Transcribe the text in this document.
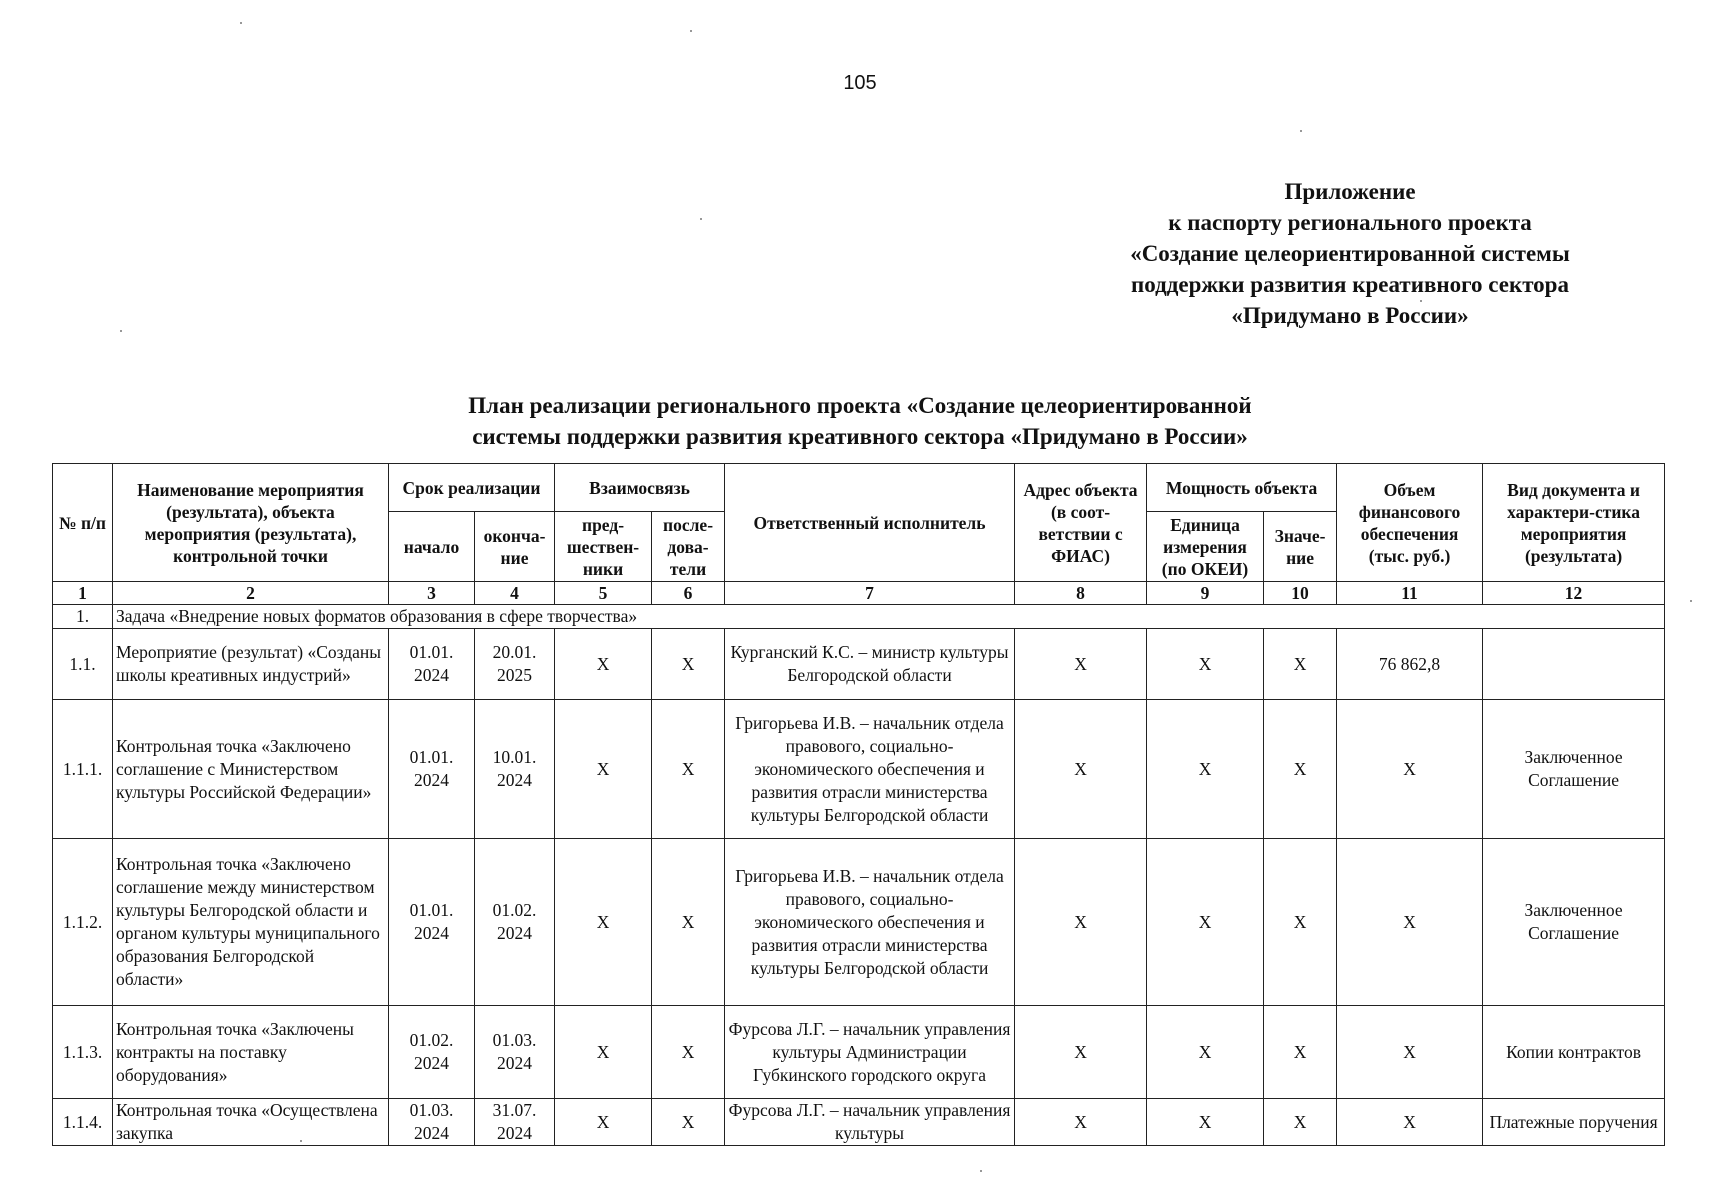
105
Приложение
к паспорту регионального проекта
«Создание целеориентированной системы
поддержки развития креативного сектора
«Придумано в России»
План реализации регионального проекта «Создание целеориентированной
системы поддержки развития креативного сектора «Придумано в России»
№ п/п	Наименование мероприятия (результата), объекта мероприятия (результата), контрольной точки	Срок реализации		Взаимосвязь		Ответственный исполнитель	Адрес объекта (в соот-ветствии с ФИАС)	Мощность объекта		Объем финансового обеспечения (тыс. руб.)	Вид документа и характери-стика мероприятия (результата)
		начало	оконча-ние	пред-шествен-ники	после-дова-тели			Единица измерения (по ОКЕИ)	Значе-ние		
1	2	3	4	5	6	7	8	9	10	11	12
1.	Задача «Внедрение новых форматов образования в сфере творчества»										
1.1.	Мероприятие (результат) «Созданы школы креативных индустрий»	01.01. 2024	20.01. 2025	X	X	Курганский К.С. – министр культуры Белгородской области	X	X	X	76 862,8	
1.1.1.	Контрольная точка «Заключено соглашение с Министерством культуры Российской Федерации»	01.01. 2024	10.01. 2024	X	X	Григорьева И.В. – начальник отдела правового, социально-экономического обеспечения и развития отрасли министерства культуры Белгородской области	X	X	X	X	Заключенное Соглашение
1.1.2.	Контрольная точка «Заключено соглашение между министерством культуры Белгородской области и органом культуры муниципального образования Белгородской области»	01.01. 2024	01.02. 2024	X	X	Григорьева И.В. – начальник отдела правового, социально-экономического обеспечения и развития отрасли министерства культуры Белгородской области	X	X	X	X	Заключенное Соглашение
1.1.3.	Контрольная точка «Заключены контракты на поставку оборудования»	01.02. 2024	01.03. 2024	X	X	Фурсова Л.Г. – начальник управления культуры Администрации Губкинского городского округа	X	X	X	X	Копии контрактов
1.1.4.	Контрольная точка «Осуществлена закупка	01.03. 2024	31.07. 2024	X	X	Фурсова Л.Г. – начальник управления культуры	X	X	X	X	Платежные поручения
